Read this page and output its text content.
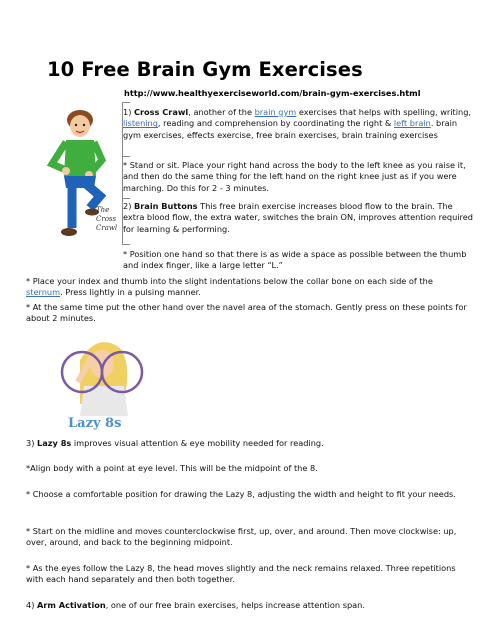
10 Free Brain Gym Exercises

http://www.healthyexerciseworld.com/brain-gym-exercises.html

The
Cross
Crawl

1) Cross Crawl, another of the brain gym exercises that helps with spelling, writing, listening, reading and comprehension by coordinating the right & left brain. brain gym exercises, effects exercise, free brain exercises, brain training exercises

* Stand or sit. Place your right hand across the body to the left knee as you raise it, and then do the same thing for the left hand on the right knee just as if you were marching. Do this for 2 - 3 minutes.

2) Brain Buttons This free brain exercise increases blood flow to the brain. The extra blood flow, the extra water, switches the brain ON, improves attention required for learning & performing.

* Position one hand so that there is as wide a space as possible between the thumb and index finger, like a large letter “L.”

* Place your index and thumb into the slight indentations below the collar bone on each side of the sternum. Press lightly in a pulsing manner.

* At the same time put the other hand over the navel area of the stomach. Gently press on these points for about 2 minutes.

Lazy 8s

3) Lazy 8s improves visual attention & eye mobility needed for reading.

*Align body with a point at eye level. This will be the midpoint of the 8.

* Choose a comfortable position for drawing the Lazy 8, adjusting the width and height to fit your needs.

* Start on the midline and moves counterclockwise first, up, over, and around. Then move clockwise: up, over, around, and back to the beginning midpoint.

* As the eyes follow the Lazy 8, the head moves slightly and the neck remains relaxed. Three repetitions with each hand separately and then both together.

4) Arm Activation, one of our free brain exercises, helps increase attention span.
